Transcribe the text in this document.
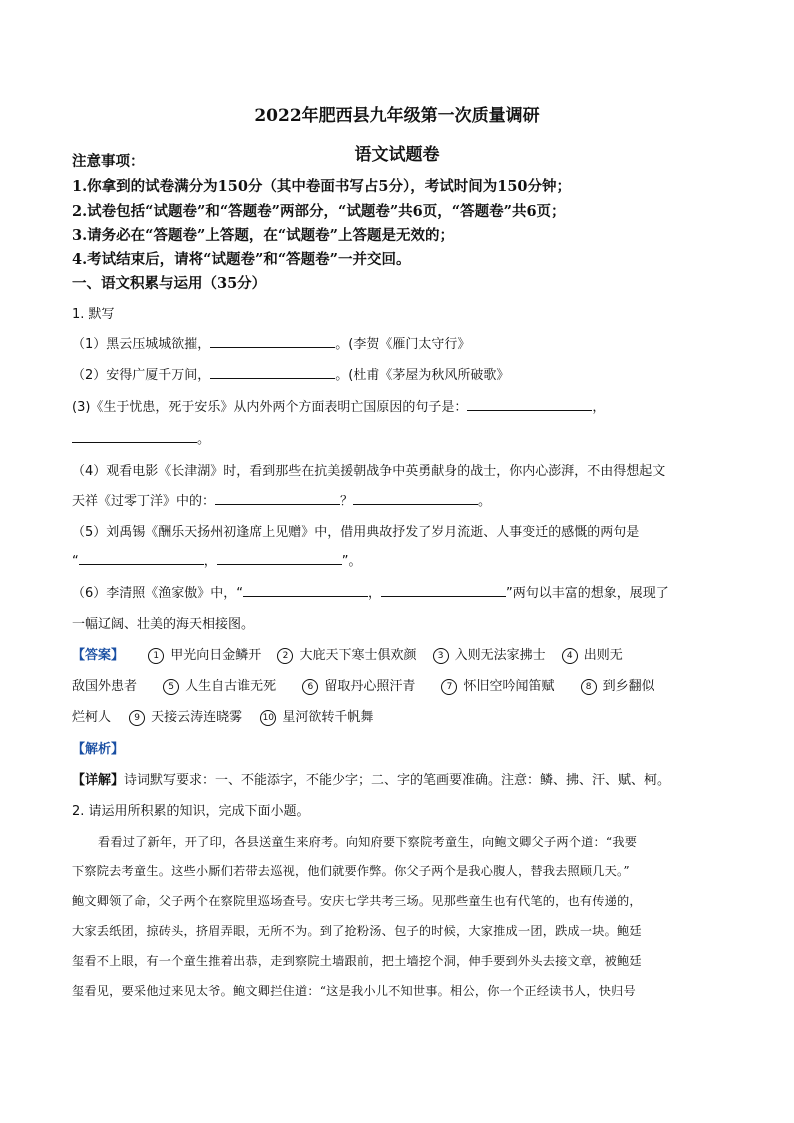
2022年肥西县九年级第一次质量调研
语文试题卷
注意事项：
1.你拿到的试卷满分为150分（其中卷面书写占5分），考试时间为150分钟；
2.试卷包括“试题卷”和“答题卷”两部分，“试题卷”共6页，“答题卷”共6页；
3.请务必在“答题卷”上答题，在“试题卷”上答题是无效的；
4.考试结束后，请将“试题卷”和“答题卷”一并交回。
一、语文积累与运用（35分）
1. 默写
（1）黑云压城城欲摧，	。(李贺《雁门太守行》
（2）安得广厦千万间，	。(杜甫《茅屋为秋风所破歌》
(3)《生于忧患，死于安乐》从内外两个方面表明亡国原因的句子是：	，
。
（4）观看电影《长津湖》时，看到那些在抗美援朝战争中英勇献身的战士，你内心澎湃，不由得想起文
天祥《过零丁洋》中的：	？	。
（5）刘禹锡《酬乐天扬州初逢席上见赠》中，借用典故抒发了岁月流逝、人事变迁的感慨的两句是
“	，	”。
（6）李清照《渔家傲》中，“	，	”两句以丰富的想象，展现了
一幅辽阔、壮美的海天相接图。
【答案】	1 甲光向日金鳞开 2 大庇天下寒士俱欢颜 3 入则无法家拂士 4 出则无
敌国外患者	5 人生自古谁无死	6 留取丹心照汗青	7 怀旧空吟闻笛赋	8 到乡翻似
烂柯人	9 天接云涛连晓雾 10 星河欲转千帆舞
【解析】
【详解】诗词默写要求：一、不能添字，不能少字；二、字的笔画要准确。注意：鳞、拂、汗、赋、柯。
2. 请运用所积累的知识，完成下面小题。
看看过了新年，开了印，各县送童生来府考。向知府要下察院考童生，向鲍文卿父子两个道：“我要
下察院去考童生。这些小厮们若带去巡视，他们就要作弊。你父子两个是我心腹人，替我去照顾几天。”
鲍文卿领了命，父子两个在察院里巡场查号。安庆七学共考三场。见那些童生也有代笔的，也有传递的，
大家丢纸团，掠砖头，挤眉弄眼，无所不为。到了抢粉汤、包子的时候，大家推成一团，跌成一块。鲍廷
玺看不上眼，有一个童生推着出恭，走到察院土墙跟前，把土墙挖个洞，伸手要到外头去接文章，被鲍廷
玺看见，要采他过来见太爷。鲍文卿拦住道：“这是我小儿不知世事。相公，你一个正经读书人，快归号
